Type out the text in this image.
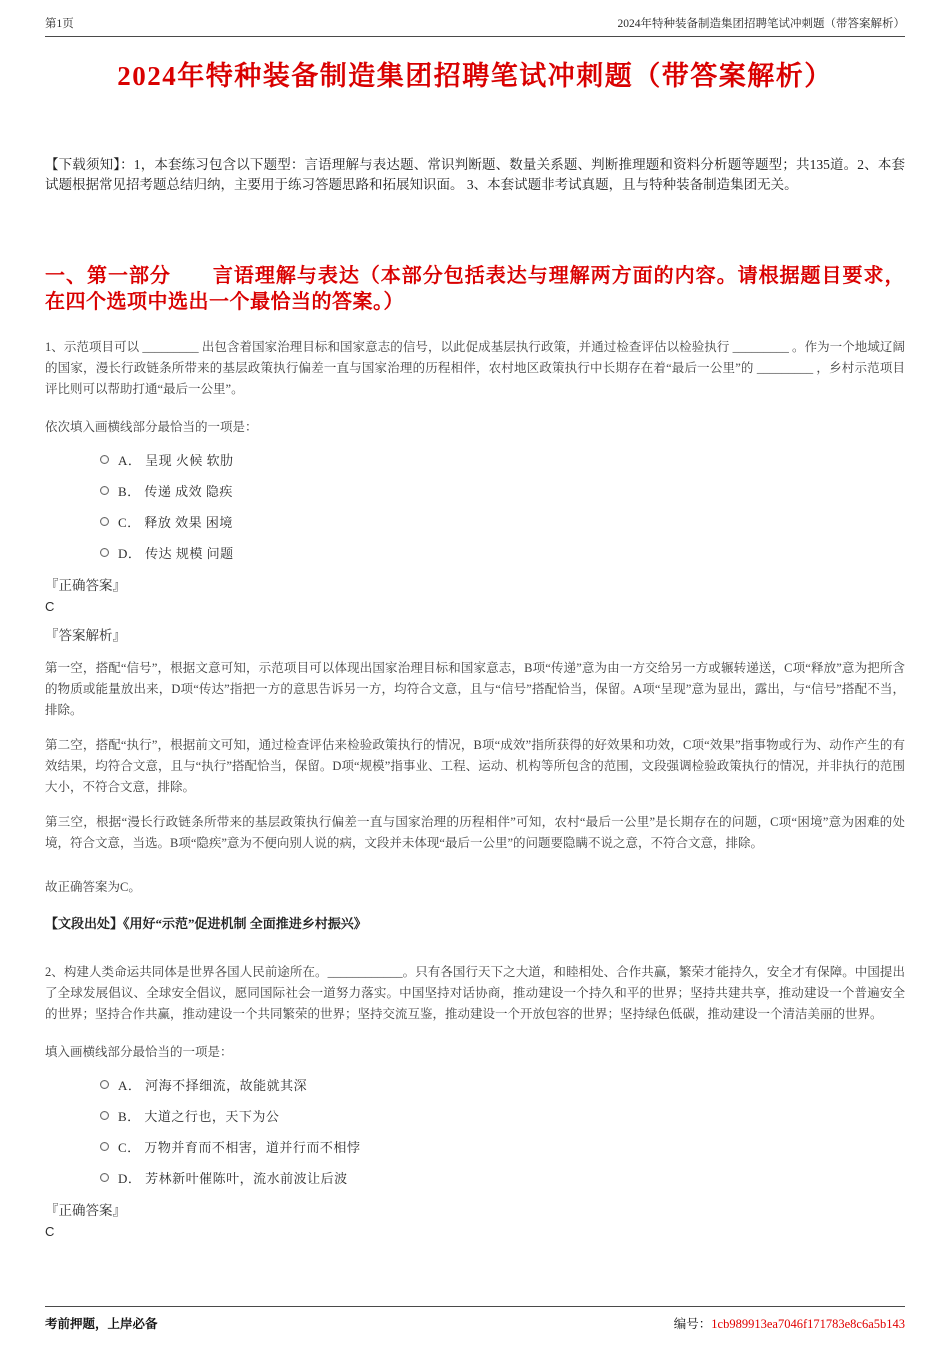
第1页	2024年特种装备制造集团招聘笔试冲刺题（带答案解析）
2024年特种装备制造集团招聘笔试冲刺题（带答案解析）

【下载须知】：1，本套练习包含以下题型：言语理解与表达题、常识判断题、数量关系题、判断推理题和资料分析题等题型；共135道。2、本套试题根据常见招考题总结归纳，主要用于练习答题思路和拓展知识面。 3、本套试题非考试真题，且与特种装备制造集团无关。

一、第一部分　　言语理解与表达（本部分包括表达与理解两方面的内容。请根据题目要求，在四个选项中选出一个最恰当的答案。）

1、示范项目可以 _________ 出包含着国家治理目标和国家意志的信号，以此促成基层执行政策，并通过检查评估以检验执行 _________ 。作为一个地域辽阔的国家，漫长行政链条所带来的基层政策执行偏差一直与国家治理的历程相伴，农村地区政策执行中长期存在着“最后一公里”的 _________ ，乡村示范项目评比则可以帮助打通“最后一公里”。

依次填入画横线部分最恰当的一项是：

A． 呈现 火候 软肋
B． 传递 成效 隐疾
C． 释放 效果 困境
D． 传达 规模 问题

『正确答案』

C

『答案解析』

第一空，搭配“信号”，根据文意可知，示范项目可以体现出国家治理目标和国家意志，B项“传递”意为由一方交给另一方或辗转递送，C项“释放”意为把所含的物质或能量放出来，D项“传达”指把一方的意思告诉另一方，均符合文意，且与“信号”搭配恰当，保留。A项“呈现”意为显出，露出，与“信号”搭配不当，排除。

第二空，搭配“执行”，根据前文可知，通过检查评估来检验政策执行的情况，B项“成效”指所获得的好效果和功效，C项“效果”指事物或行为、动作产生的有效结果，均符合文意，且与“执行”搭配恰当，保留。D项“规模”指事业、工程、运动、机构等所包含的范围，文段强调检验政策执行的情况，并非执行的范围大小，不符合文意，排除。

第三空，根据“漫长行政链条所带来的基层政策执行偏差一直与国家治理的历程相伴”可知，农村“最后一公里”是长期存在的问题，C项“困境”意为困难的处境，符合文意，当选。B项“隐疾”意为不便向别人说的病，文段并未体现“最后一公里”的问题要隐瞒不说之意，不符合文意，排除。

故正确答案为C。

【文段出处】《用好“示范”促进机制 全面推进乡村振兴》

2、构建人类命运共同体是世界各国人民前途所在。____________。只有各国行天下之大道，和睦相处、合作共赢，繁荣才能持久，安全才有保障。中国提出了全球发展倡议、全球安全倡议，愿同国际社会一道努力落实。中国坚持对话协商，推动建设一个持久和平的世界；坚持共建共享，推动建设一个普遍安全的世界；坚持合作共赢，推动建设一个共同繁荣的世界；坚持交流互鉴，推动建设一个开放包容的世界；坚持绿色低碳，推动建设一个清洁美丽的世界。

填入画横线部分最恰当的一项是：

A． 河海不择细流，故能就其深
B． 大道之行也，天下为公
C． 万物并育而不相害，道并行而不相悖
D． 芳林新叶催陈叶，流水前波让后波

『正确答案』

C

考前押题，上岸必备	编号：1cb989913ea7046f171783e8c6a5b143
